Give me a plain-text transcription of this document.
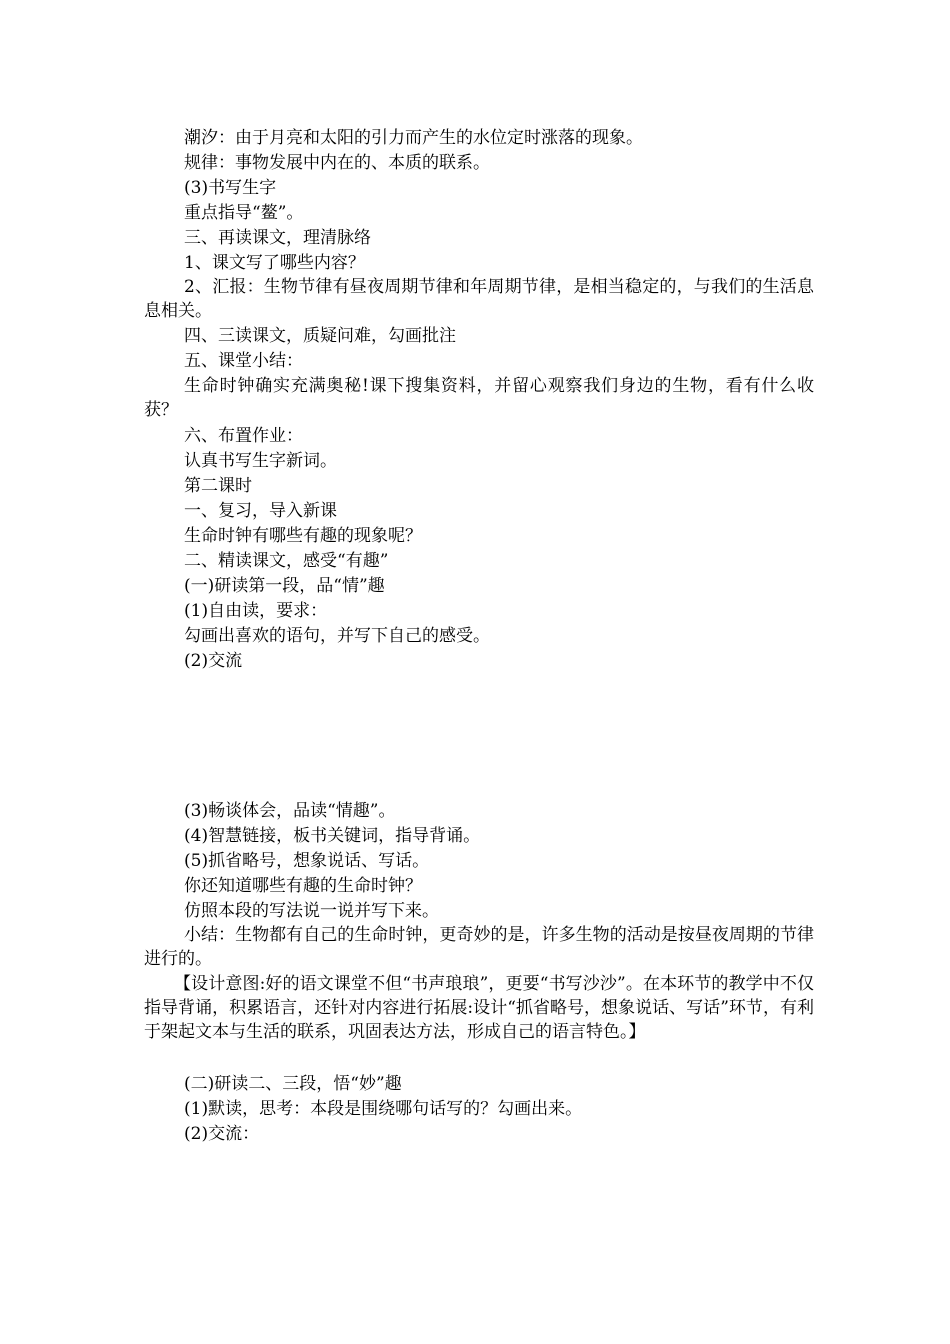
潮汐：由于月亮和太阳的引力而产生的水位定时涨落的现象。

规律：事物发展中内在的、本质的联系。

(3)书写生字

重点指导“鳌”。

三、再读课文，理清脉络

1、课文写了哪些内容？

2、汇报：生物节律有昼夜周期节律和年周期节律，是相当稳定的，与我们的生活息息相关。

四、三读课文，质疑问难，勾画批注

五、课堂小结：

生命时钟确实充满奥秘!课下搜集资料，并留心观察我们身边的生物，看有什么收获？

六、布置作业：

认真书写生字新词。

第二课时

一、复习，导入新课

生命时钟有哪些有趣的现象呢？

二、精读课文，感受“有趣”

(一)研读第一段，品“情”趣

(1)自由读，要求：

勾画出喜欢的语句，并写下自己的感受。

(2)交流

(3)畅谈体会，品读“情趣”。

(4)智慧链接，板书关键词，指导背诵。

(5)抓省略号，想象说话、写话。

你还知道哪些有趣的生命时钟？

仿照本段的写法说一说并写下来。

小结：生物都有自己的生命时钟，更奇妙的是，许多生物的活动是按昼夜周期的节律进行的。

【设计意图:好的语文课堂不但“书声琅琅”，更要“书写沙沙”。在本环节的教学中不仅指导背诵，积累语言，还针对内容进行拓展:设计“抓省略号，想象说话、写话”环节，有利于架起文本与生活的联系，巩固表达方法，形成自己的语言特色。】

(二)研读二、三段，悟“妙”趣

(1)默读，思考：本段是围绕哪句话写的？勾画出来。

(2)交流：
